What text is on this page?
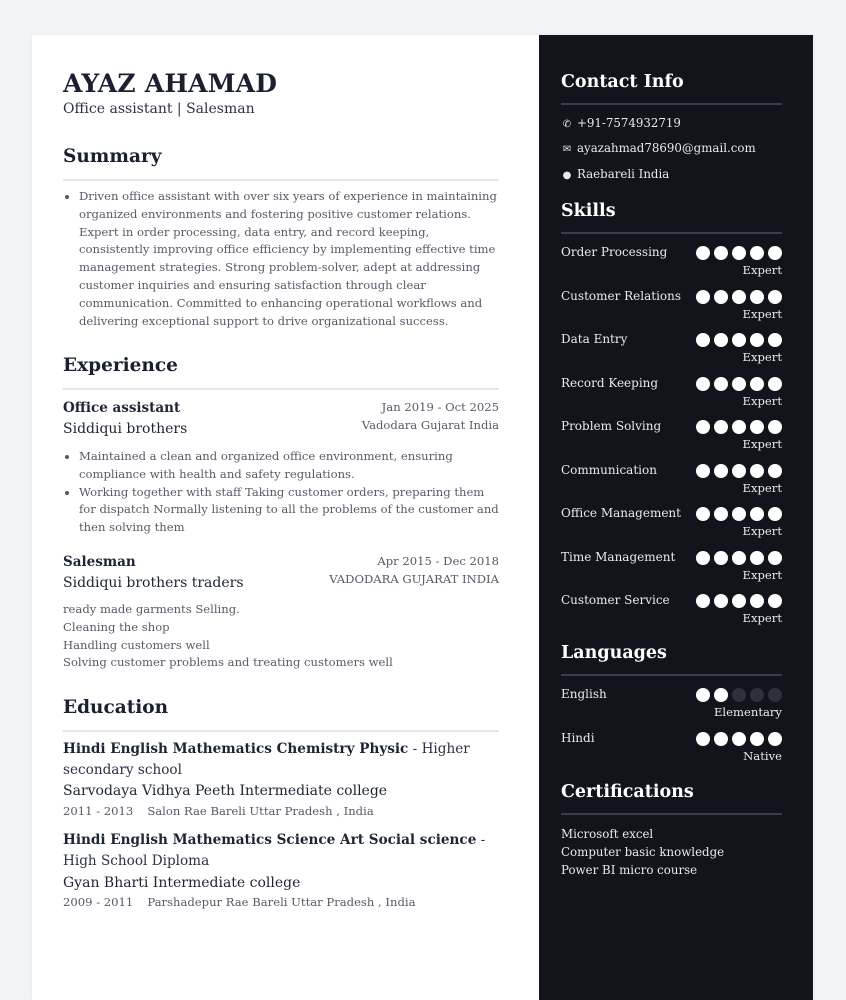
AYAZ AHAMAD
Office assistant | Salesman
Summary
• Driven office assistant with over six years of experience in maintaining organized environments and fostering positive customer relations. Expert in order processing, data entry, and record keeping, consistently improving office efficiency by implementing effective time management strategies. Strong problem-solver, adept at addressing customer inquiries and ensuring satisfaction through clear communication. Committed to enhancing operational workflows and delivering exceptional support to drive organizational success.
Experience
Office assistant	Jan 2019 - Oct 2025
Siddiqui brothers	Vadodara Gujarat India
• Maintained a clean and organized office environment, ensuring compliance with health and safety regulations.
• Working together with staff Taking customer orders, preparing them for dispatch Normally listening to all the problems of the customer and then solving them
Salesman	Apr 2015 - Dec 2018
Siddiqui brothers traders	VADODARA GUJARAT INDIA
ready made garments Selling.
Cleaning the shop
Handling customers well
Solving customer problems and treating customers well
Education
Hindi English Mathematics Chemistry Physic - Higher secondary school
Sarvodaya Vidhya Peeth Intermediate college
2011 - 2013 Salon Rae Bareli Uttar Pradesh , India
Hindi English Mathematics Science Art Social science - High School Diploma
Gyan Bharti Intermediate college
2009 - 2011 Parshadepur Rae Bareli Uttar Pradesh , India
Contact Info
✆ +91-7574932719
✉ ayazahmad78690@gmail.com
● Raebareli India
Skills
Order Processing
Expert
Customer Relations
Expert
Data Entry
Expert
Record Keeping
Expert
Problem Solving
Expert
Communication
Expert
Office Management
Expert
Time Management
Expert
Customer Service
Expert
Languages
English
Elementary
Hindi
Native
Certifications
Microsoft excel
Computer basic knowledge
Power BI micro course
